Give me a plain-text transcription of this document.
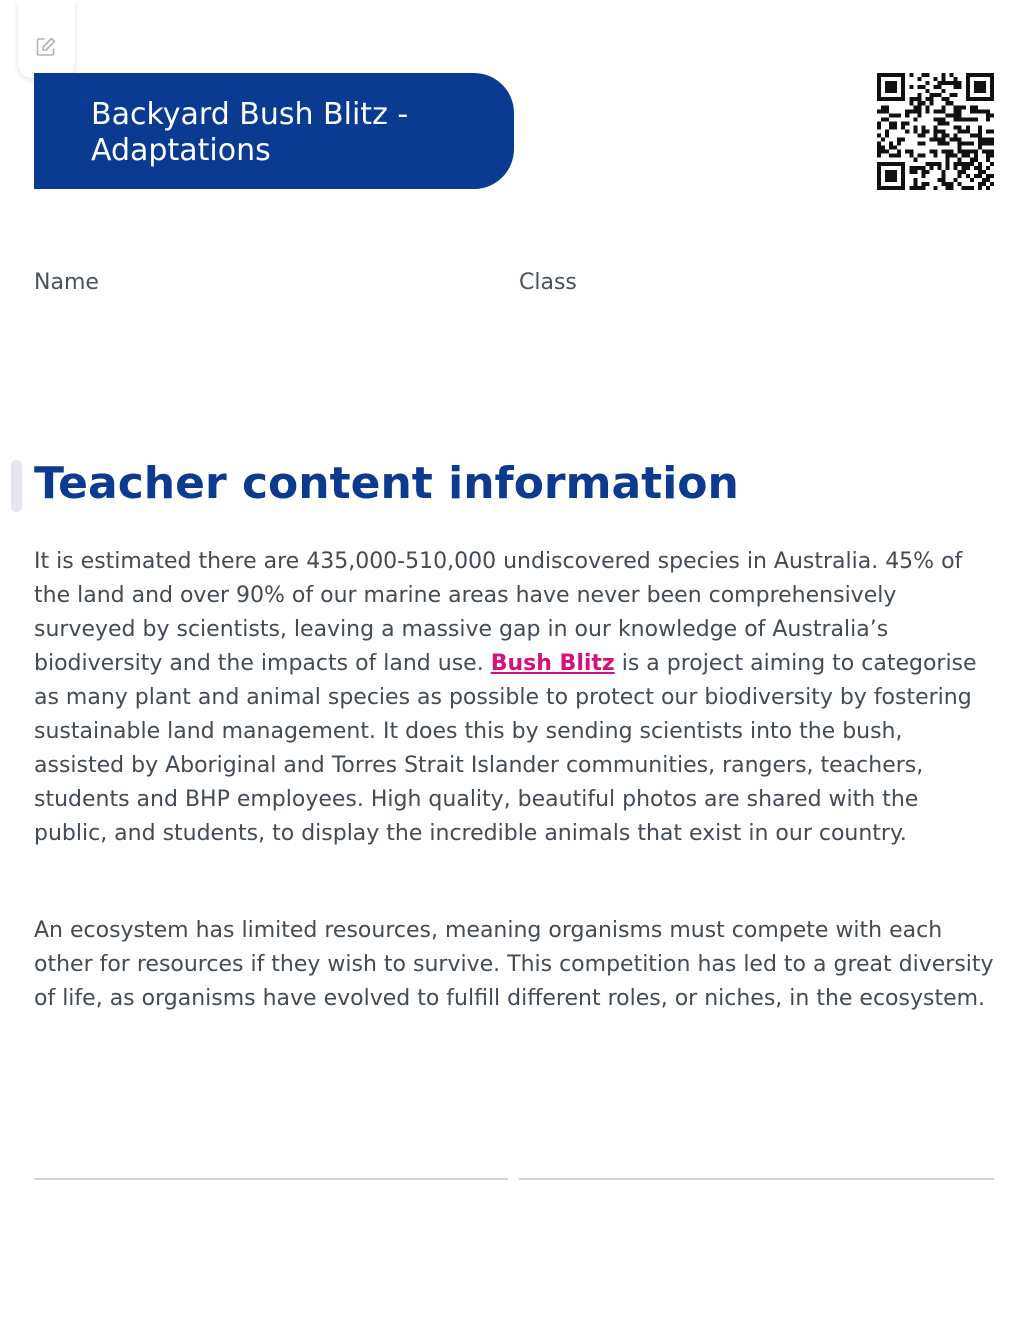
Backyard Bush Blitz -
Adaptations
Name	Class
Teacher content information

It is estimated there are 435,000-510,000 undiscovered species in Australia. 45% of the land and over 90% of our marine areas have never been comprehensively surveyed by scientists, leaving a massive gap in our knowledge of Australia’s biodiversity and the impacts of land use. Bush Blitz is a project aiming to categorise as many plant and animal species as possible to protect our biodiversity by fostering sustainable land management. It does this by sending scientists into the bush, assisted by Aboriginal and Torres Strait Islander communities, rangers, teachers, students and BHP employees. High quality, beautiful photos are shared with the public, and students, to display the incredible animals that exist in our country.

An ecosystem has limited resources, meaning organisms must compete with each other for resources if they wish to survive. This competition has led to a great diversity of life, as organisms have evolved to fulfill different roles, or niches, in the ecosystem.
